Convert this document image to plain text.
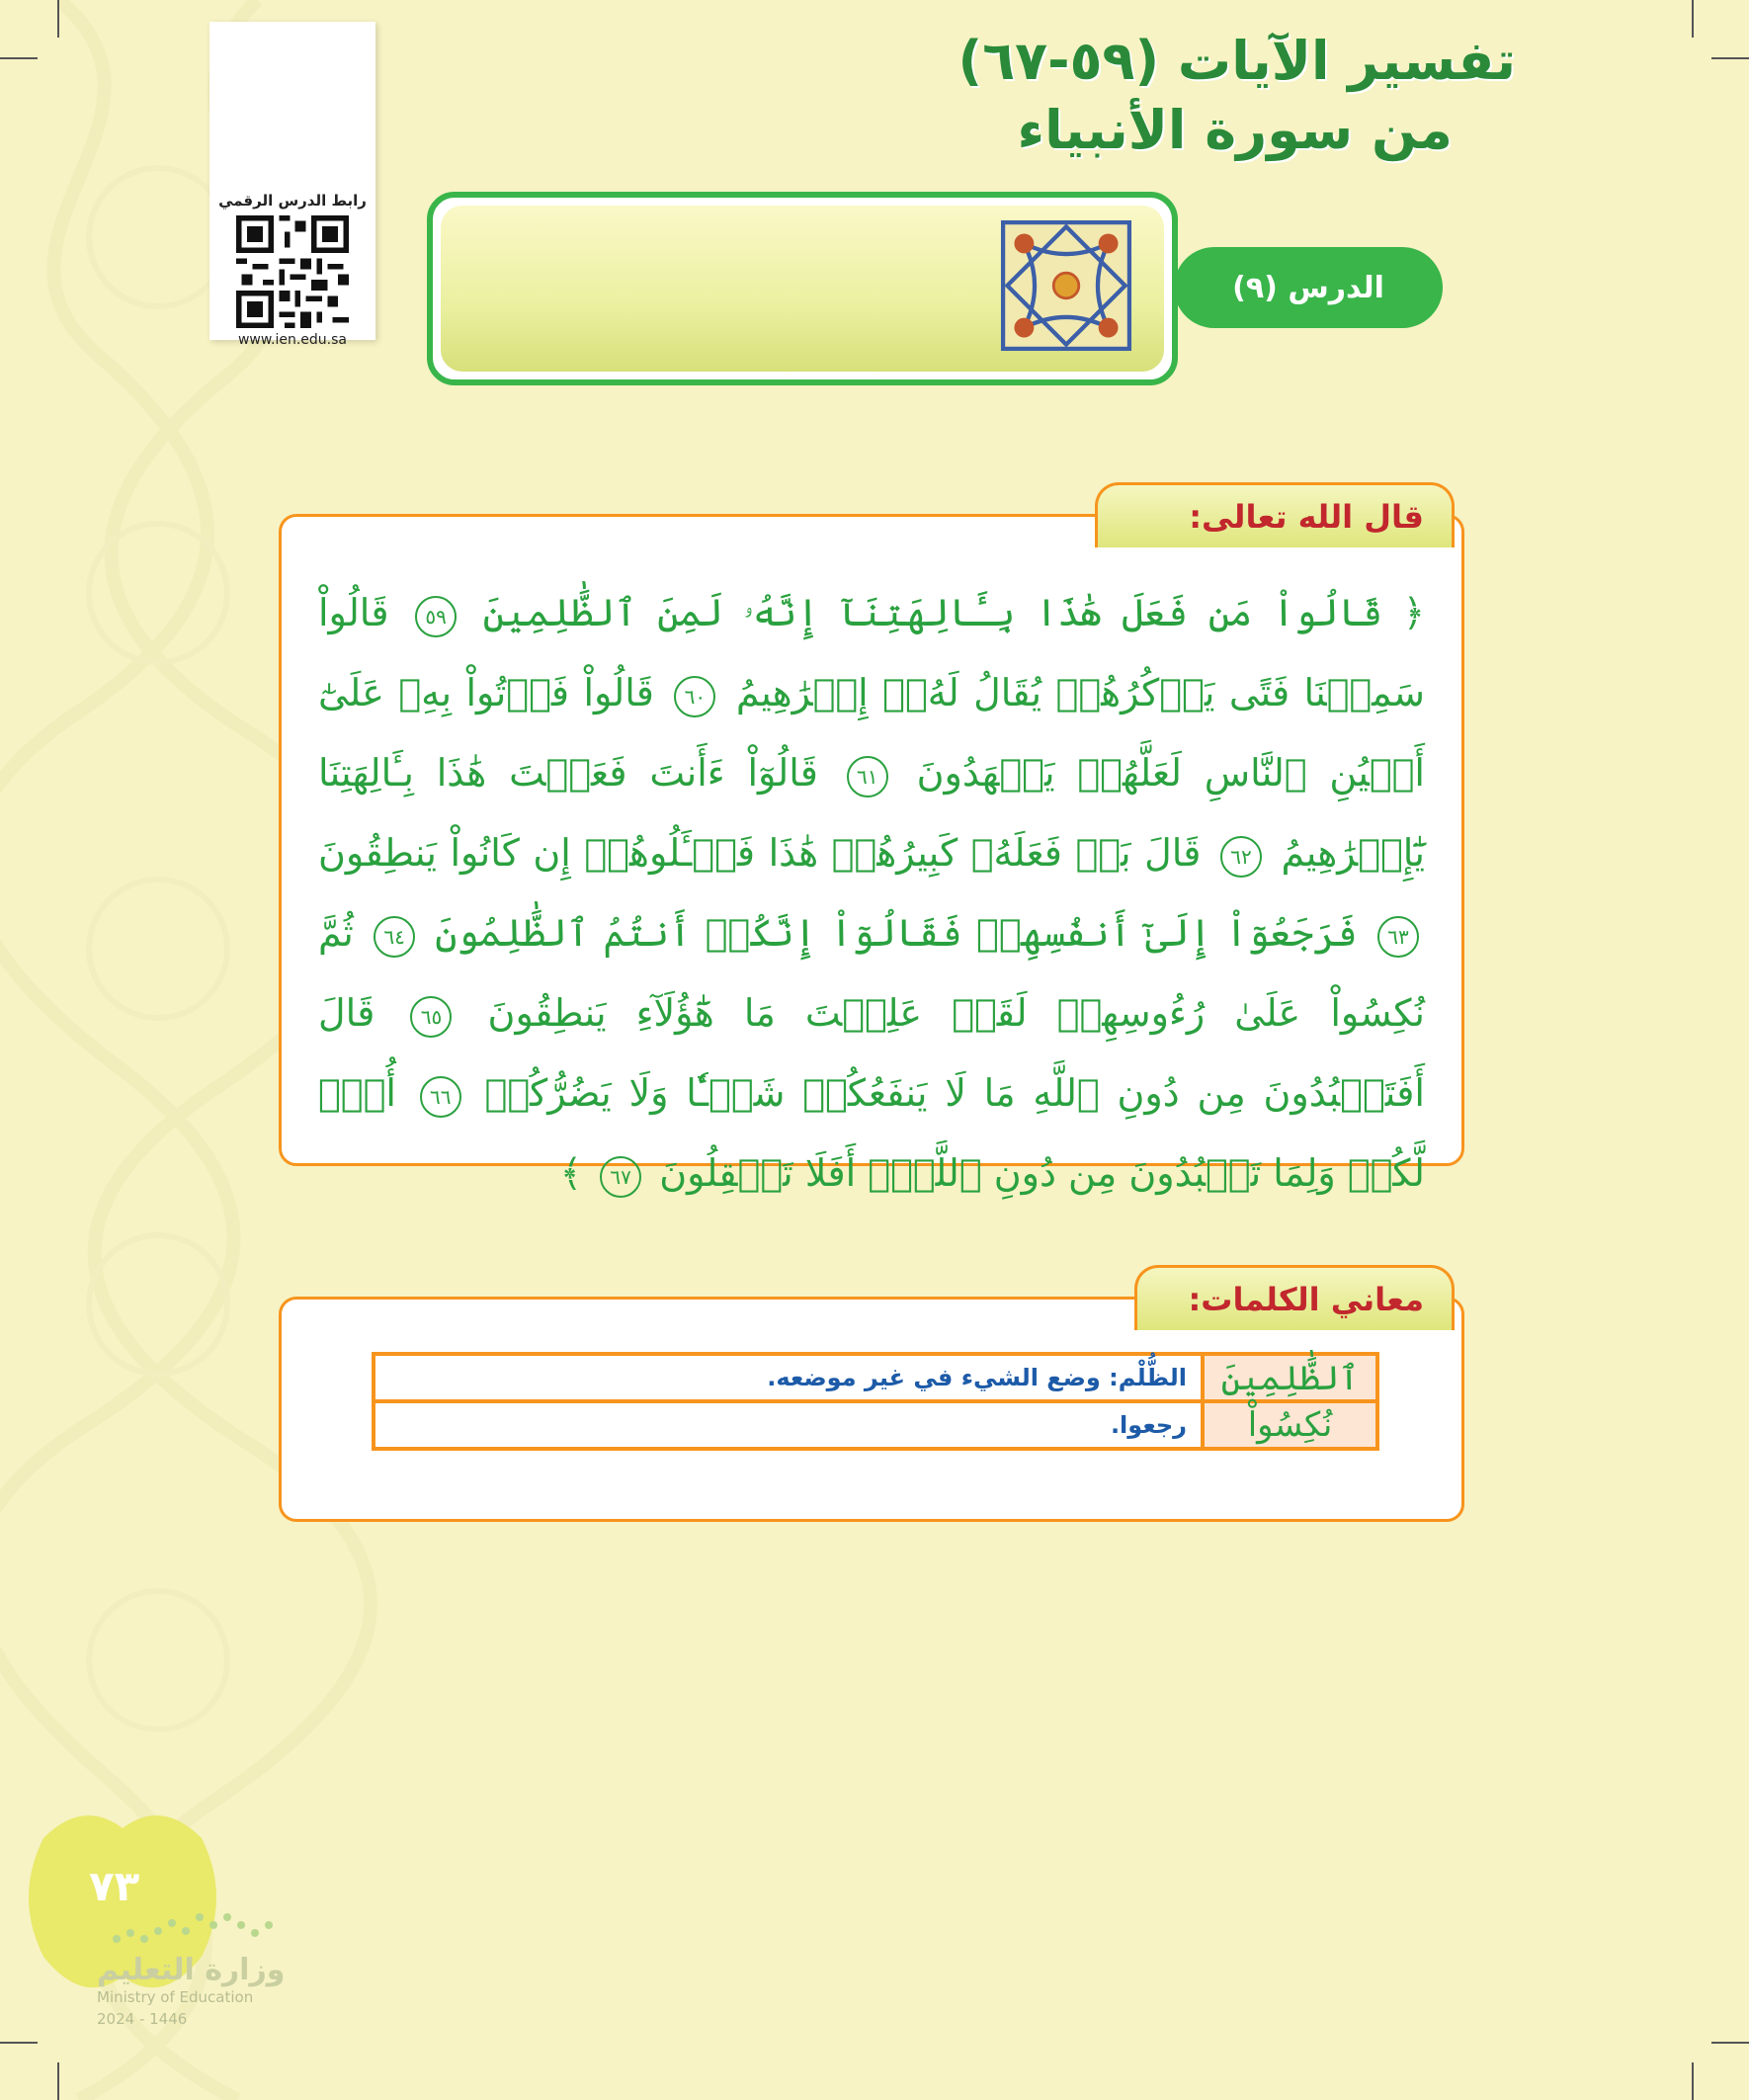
رابط الدرس الرقمي
www.ien.edu.sa
تفسير الآيات (٥٩-٦٧)
من سورة الأنبياء
الدرس (٩)
قال الله تعالى:
﴿ قَالُواْ مَن فَعَلَ هَٰذَا بِـَٔالِهَتِنَآ إِنَّهُۥ لَمِنَ ٱلظَّٰلِمِينَ ٥٩ قَالُواْ سَمِعۡنَا فَتًى يَذۡكُرُهُمۡ يُقَالُ لَهُۥٓ إِبۡرَٰهِيمُ ٦٠ قَالُواْ فَأۡتُواْ بِهِۦ عَلَىٰٓ أَعۡيُنِ ٱلنَّاسِ لَعَلَّهُمۡ يَشۡهَدُونَ ٦١ قَالُوٓاْ ءَأَنتَ فَعَلۡتَ هَٰذَا بِـَٔالِهَتِنَا يَٰٓإِبۡرَٰهِيمُ ٦٢ قَالَ بَلۡ فَعَلَهُۥ كَبِيرُهُمۡ هَٰذَا فَسۡـَٔلُوهُمۡ إِن كَانُواْ يَنطِقُونَ ٦٣ فَرَجَعُوٓاْ إِلَىٰٓ أَنفُسِهِمۡ فَقَالُوٓاْ إِنَّكُمۡ أَنتُمُ ٱلظَّٰلِمُونَ ٦٤ ثُمَّ نُكِسُواْ عَلَىٰ رُءُوسِهِمۡ لَقَدۡ عَلِمۡتَ مَا هَٰٓؤُلَآءِ يَنطِقُونَ ٦٥ قَالَ أَفَتَعۡبُدُونَ مِن دُونِ ٱللَّهِ مَا لَا يَنفَعُكُمۡ شَيۡـٔٗا وَلَا يَضُرُّكُمۡ ٦٦ أُفّٖ لَّكُمۡ وَلِمَا تَعۡبُدُونَ مِن دُونِ ٱللَّهِۚ أَفَلَا تَعۡقِلُونَ ٦٧ ﴾
معاني الكلمات:
ٱلظَّٰلِمِينَ	الظُّلْم: وضع الشيء في غير موضعه.
نُكِسُواْ	رجعوا.
٧٣
وزارة التعليم
Ministry of Education
2024 - 1446
